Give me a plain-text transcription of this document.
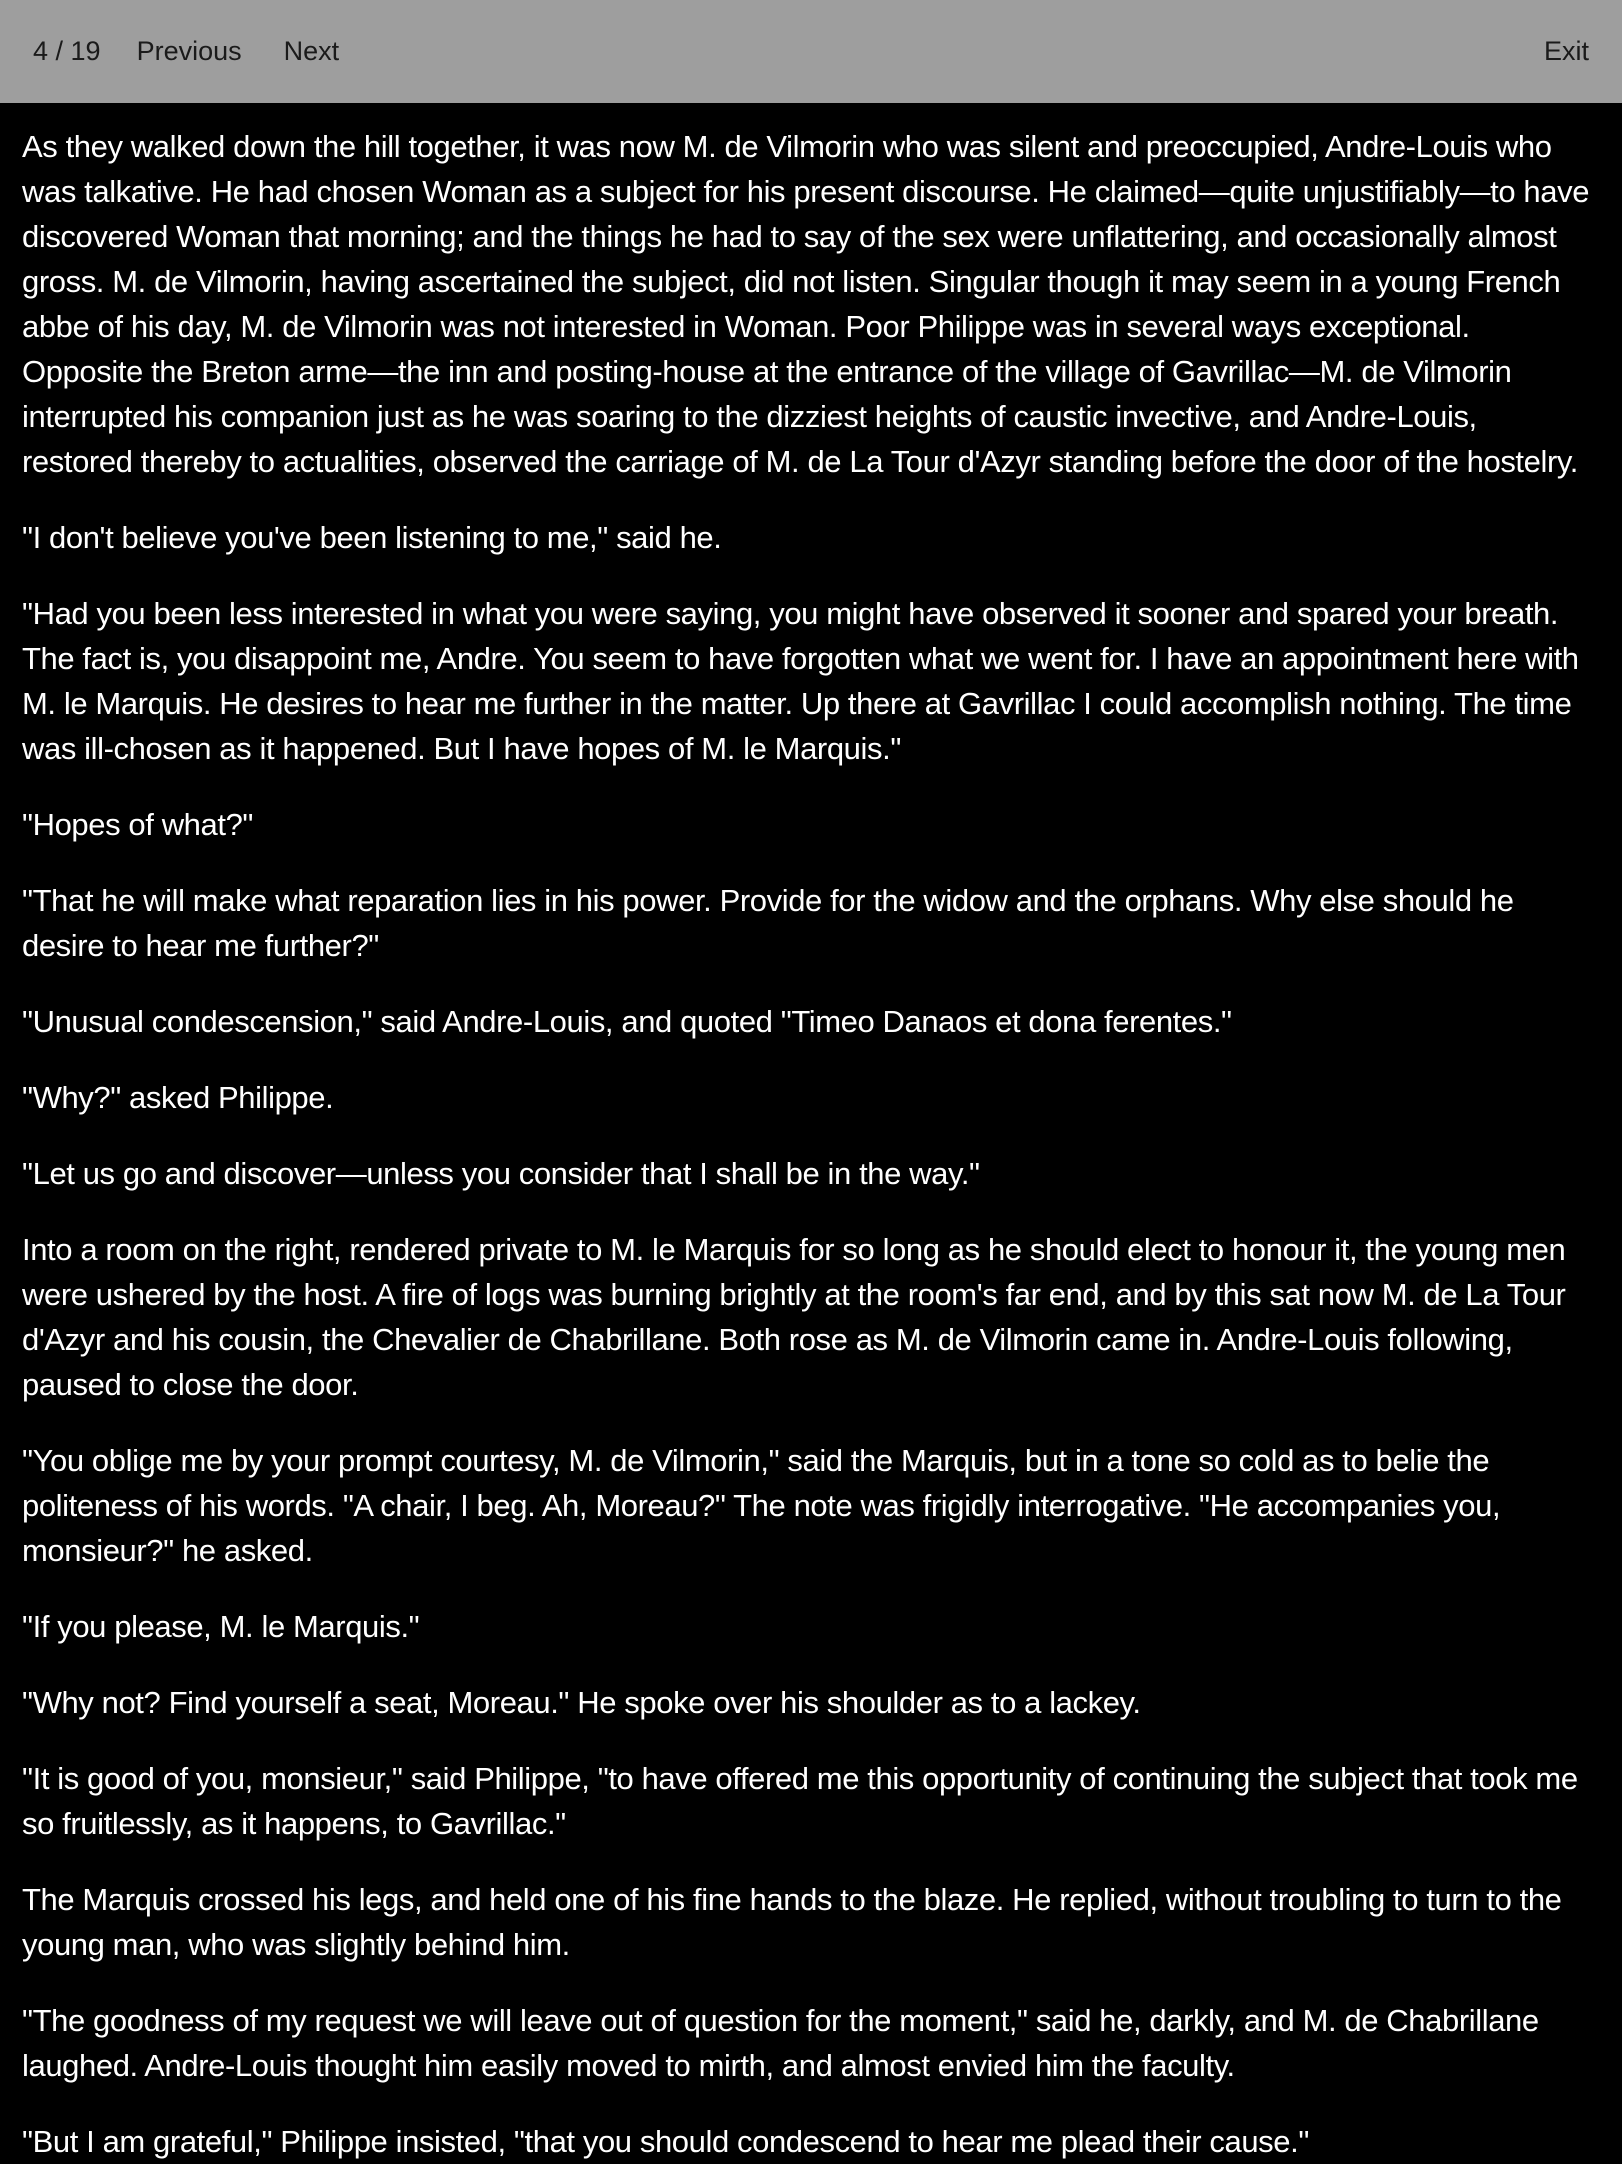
4 / 19 Previous Next	Exit

As they walked down the hill together, it was now M. de Vilmorin who was silent and preoccupied, Andre-Louis who was talkative. He had chosen Woman as a subject for his present discourse. He claimed—quite unjustifiably—to have discovered Woman that morning; and the things he had to say of the sex were unflattering, and occasionally almost gross. M. de Vilmorin, having ascertained the subject, did not listen. Singular though it may seem in a young French abbe of his day, M. de Vilmorin was not interested in Woman. Poor Philippe was in several ways exceptional. Opposite the Breton arme—the inn and posting-house at the entrance of the village of Gavrillac—M. de Vilmorin interrupted his companion just as he was soaring to the dizziest heights of caustic invective, and Andre-Louis, restored thereby to actualities, observed the carriage of M. de La Tour d'Azyr standing before the door of the hostelry.

"I don't believe you've been listening to me," said he.

"Had you been less interested in what you were saying, you might have observed it sooner and spared your breath. The fact is, you disappoint me, Andre. You seem to have forgotten what we went for. I have an appointment here with M. le Marquis. He desires to hear me further in the matter. Up there at Gavrillac I could accomplish nothing. The time was ill-chosen as it happened. But I have hopes of M. le Marquis."

"Hopes of what?"

"That he will make what reparation lies in his power. Provide for the widow and the orphans. Why else should he desire to hear me further?"

"Unusual condescension," said Andre-Louis, and quoted "Timeo Danaos et dona ferentes."

"Why?" asked Philippe.

"Let us go and discover—unless you consider that I shall be in the way."

Into a room on the right, rendered private to M. le Marquis for so long as he should elect to honour it, the young men were ushered by the host. A fire of logs was burning brightly at the room's far end, and by this sat now M. de La Tour d'Azyr and his cousin, the Chevalier de Chabrillane. Both rose as M. de Vilmorin came in. Andre-Louis following, paused to close the door.

"You oblige me by your prompt courtesy, M. de Vilmorin," said the Marquis, but in a tone so cold as to belie the politeness of his words. "A chair, I beg. Ah, Moreau?" The note was frigidly interrogative. "He accompanies you, monsieur?" he asked.

"If you please, M. le Marquis."

"Why not? Find yourself a seat, Moreau." He spoke over his shoulder as to a lackey.

"It is good of you, monsieur," said Philippe, "to have offered me this opportunity of continuing the subject that took me so fruitlessly, as it happens, to Gavrillac."

The Marquis crossed his legs, and held one of his fine hands to the blaze. He replied, without troubling to turn to the young man, who was slightly behind him.

"The goodness of my request we will leave out of question for the moment," said he, darkly, and M. de Chabrillane laughed. Andre-Louis thought him easily moved to mirth, and almost envied him the faculty.

"But I am grateful," Philippe insisted, "that you should condescend to hear me plead their cause."
